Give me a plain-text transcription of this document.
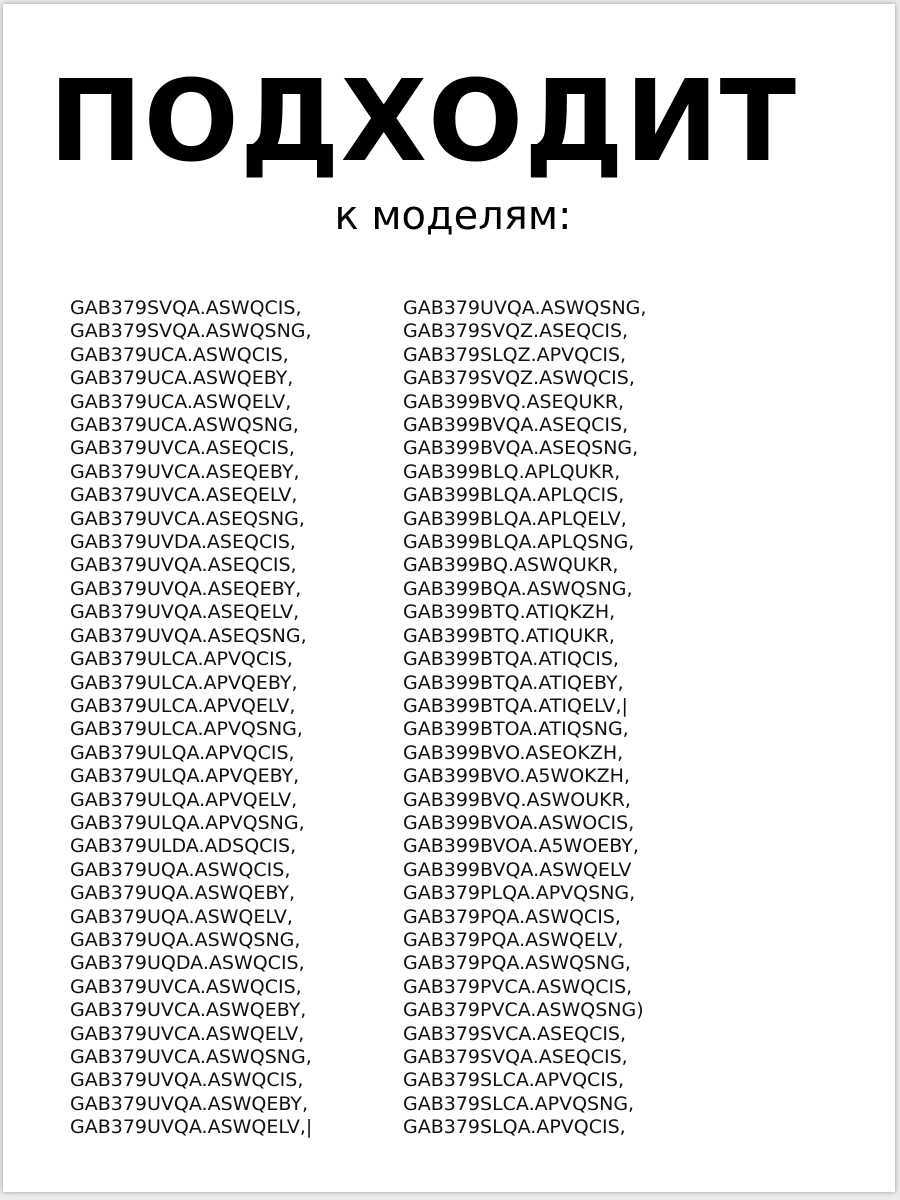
ПОДХОДИТ
к моделям:
GAB379SVQA.ASWQCIS,
GAB379SVQA.ASWQSNG,
GAB379UCA.ASWQCIS,
GAB379UCA.ASWQEBY,
GAB379UCA.ASWQELV,
GAB379UCA.ASWQSNG,
GAB379UVCA.ASEQCIS,
GAB379UVCA.ASEQEBY,
GAB379UVCA.ASEQELV,
GAB379UVCA.ASEQSNG,
GAB379UVDA.ASEQCIS,
GAB379UVQA.ASEQCIS,
GAB379UVQA.ASEQEBY,
GAB379UVQA.ASEQELV,
GAB379UVQA.ASEQSNG,
GAB379ULCA.APVQCIS,
GAB379ULCA.APVQEBY,
GAB379ULCA.APVQELV,
GAB379ULCA.APVQSNG,
GAB379ULQA.APVQCIS,
GAB379ULQA.APVQEBY,
GAB379ULQA.APVQELV,
GAB379ULQA.APVQSNG,
GAB379ULDA.ADSQCIS,
GAB379UQA.ASWQCIS,
GAB379UQA.ASWQEBY,
GAB379UQA.ASWQELV,
GAB379UQA.ASWQSNG,
GAB379UQDA.ASWQCIS,
GAB379UVCA.ASWQCIS,
GAB379UVCA.ASWQEBY,
GAB379UVCA.ASWQELV,
GAB379UVCA.ASWQSNG,
GAB379UVQA.ASWQCIS,
GAB379UVQA.ASWQEBY,
GAB379UVQA.ASWQELV,|
GAB379UVQA.ASWQSNG,
GAB379SVQZ.ASEQCIS,
GAB379SLQZ.APVQCIS,
GAB379SVQZ.ASWQCIS,
GAB399BVQ.ASEQUKR,
GAB399BVQA.ASEQCIS,
GAB399BVQA.ASEQSNG,
GAB399BLQ.APLQUKR,
GAB399BLQA.APLQCIS,
GAB399BLQA.APLQELV,
GAB399BLQA.APLQSNG,
GAB399BQ.ASWQUKR,
GAB399BQA.ASWQSNG,
GAB399BTQ.ATIQKZH,
GAB399BTQ.ATIQUKR,
GAB399BTQA.ATIQCIS,
GAB399BTQA.ATIQEBY,
GAB399BTQA.ATIQELV,|
GAB399BTOA.ATIQSNG,
GAB399BVO.ASEOKZH,
GAB399BVO.A5WOKZH,
GAB399BVQ.ASWOUKR,
GAB399BVOA.ASWOCIS,
GAB399BVOA.A5WOEBY,
GAB399BVQA.ASWQELV
GAB379PLQA.APVQSNG,
GAB379PQA.ASWQCIS,
GAB379PQA.ASWQELV,
GAB379PQA.ASWQSNG,
GAB379PVCA.ASWQCIS,
GAB379PVCA.ASWQSNG)
GAB379SVCA.ASEQCIS,
GAB379SVQA.ASEQCIS,
GAB379SLCA.APVQCIS,
GAB379SLCA.APVQSNG,
GAB379SLQA.APVQCIS,
